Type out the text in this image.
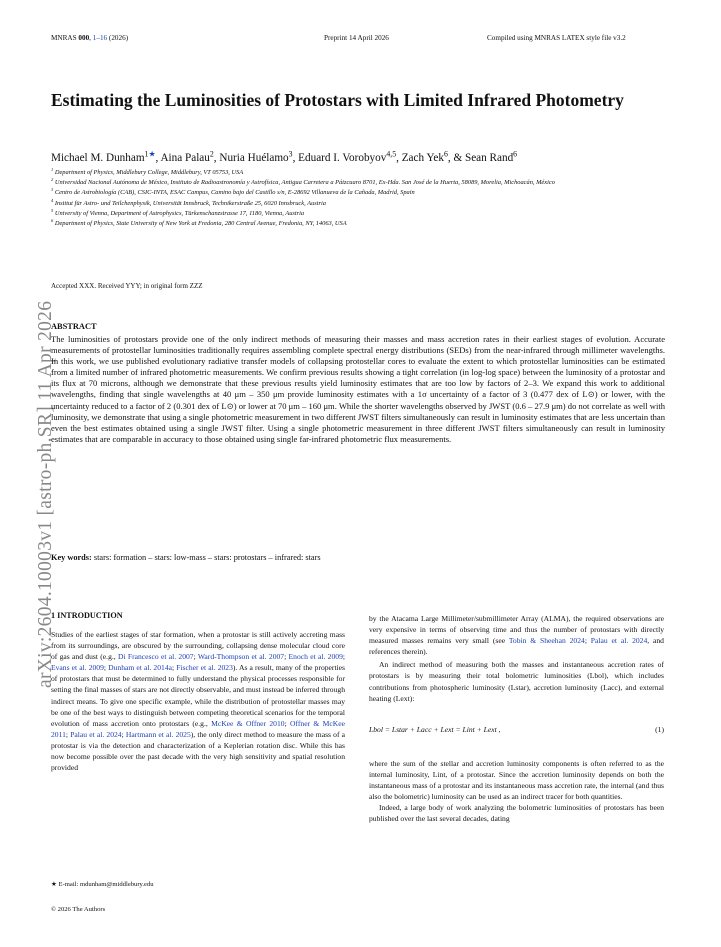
MNRAS 000, 1–16 (2026)	Preprint 14 April 2026	Compiled using MNRAS LATEX style file v3.2
arXiv:2604.10003v1 [astro-ph.SR] 11 Apr 2026
Estimating the Luminosities of Protostars with Limited Infrared Photometry
Michael M. Dunham$^{1★}$, Aina Palau$^2$, Nuria Huélamo$^3$, Eduard I. Vorobyov$^{4,5}$, Zach Yek$^6$, & Sean Rand$^6$
$^1$ Department of Physics, Middlebury College, Middlebury, VT 05753, USA
$^2$ Universidad Nacional Autónoma de México, Instituto de Radioastronomía y Astrofísica, Antigua Carretera a Pátzcuaro 8701, Ex-Hda. San José de la Huerta, 58089, Morelia, Michoacán, México
$^3$ Centro de Astrobiología (CAB), CSIC-INTA, ESAC Campus, Camino bajo del Castillo s/n, E-28692 Villanueva de la Cañada, Madrid, Spain
$^4$ Institut für Astro- und Teilchenphysik, Universität Innsbruck, Technikerstraße 25, 6020 Innsbruck, Austria
$^5$ University of Vienna, Department of Astrophysics, Türkenschanzstrasse 17, 1180, Vienna, Austria
$^6$ Department of Physics, State University of New York at Fredonia, 280 Central Avenue, Fredonia, NY, 14063, USA
Accepted XXX. Received YYY; in original form ZZZ
ABSTRACT
The luminosities of protostars provide one of the only indirect methods of measuring their masses and mass accretion rates in their earliest stages of evolution. Accurate measurements of protostellar luminosities traditionally requires assembling complete spectral energy distributions (SEDs) from the near-infrared through millimeter wavelengths. In this work, we use published evolutionary radiative transfer models of collapsing protostellar cores to evaluate the extent to which protostellar luminosities can be estimated from a limited number of infrared photometric measurements. We confirm previous results showing a tight correlation (in log-log space) between the luminosity of a protostar and its flux at 70 microns, although we demonstrate that these previous results yield luminosity estimates that are too low by factors of 2–3. We expand this work to additional wavelengths, finding that single wavelengths at 40 μm – 350 μm provide luminosity estimates with a 1σ uncertainty of a factor of 3 (0.477 dex of L⊙) or lower, with the uncertainty reduced to a factor of 2 (0.301 dex of L⊙) or lower at 70 μm – 160 μm. While the shorter wavelengths observed by JWST (0.6 – 27.9 μm) do not correlate as well with luminosity, we demonstrate that using a single photometric measurement in two different JWST filters simultaneously can result in luminosity estimates that are less uncertain than even the best estimates obtained using a single JWST filter. Using a single photometric measurement in three different JWST filters simultaneously can result in luminosity estimates that are comparable in accuracy to those obtained using single far-infrared photometric flux measurements.
Key words: stars: formation – stars: low-mass – stars: protostars – infrared: stars
1 INTRODUCTION

Studies of the earliest stages of star formation, when a protostar is still actively accreting mass from its surroundings, are obscured by the surrounding, collapsing dense molecular cloud core of gas and dust (e.g., Di Francesco et al. 2007; Ward-Thompson et al. 2007; Enoch et al. 2009; Evans et al. 2009; Dunham et al. 2014a; Fischer et al. 2023). As a result, many of the properties of protostars that must be determined to fully understand the physical processes responsible for setting the final masses of stars are not directly observable, and must instead be inferred through indirect means. To give one specific example, while the distribution of protostellar masses may be one of the best ways to distinguish between competing theoretical scenarios for the temporal evolution of mass accretion onto protostars (e.g., McKee & Offner 2010; Offner & McKee 2011; Palau et al. 2024; Hartmann et al. 2025), the only direct method to measure the mass of a protostar is via the detection and characterization of a Keplerian rotation disc. While this has now become possible over the past decade with the very high sensitivity and spatial resolution provided

by the Atacama Large Millimeter/submillimeter Array (ALMA), the required observations are very expensive in terms of observing time and thus the number of protostars with directly measured masses remains very small (see Tobin & Sheehan 2024; Palau et al. 2024, and references therein).

An indirect method of measuring both the masses and instantaneous accretion rates of protostars is by measuring their total bolometric luminosities (Lbol), which includes contributions from photospheric luminosity (Lstar), accretion luminosity (Lacc), and external heating (Lext):

Lbol = Lstar + Lacc + Lext = Lint + Lext ,	(1)

where the sum of the stellar and accretion luminosity components is often referred to as the internal luminosity, Lint, of a protostar. Since the accretion luminosity depends on both the instantaneous mass of a protostar and its instantaneous mass accretion rate, the internal (and thus also the bolometric) luminosity can be used as an indirect tracer for both quantities.

Indeed, a large body of work analyzing the bolometric luminosities of protostars has been published over the last several decades, dating

★ E-mail: mdunham@middlebury.edu
© 2026 The Authors
